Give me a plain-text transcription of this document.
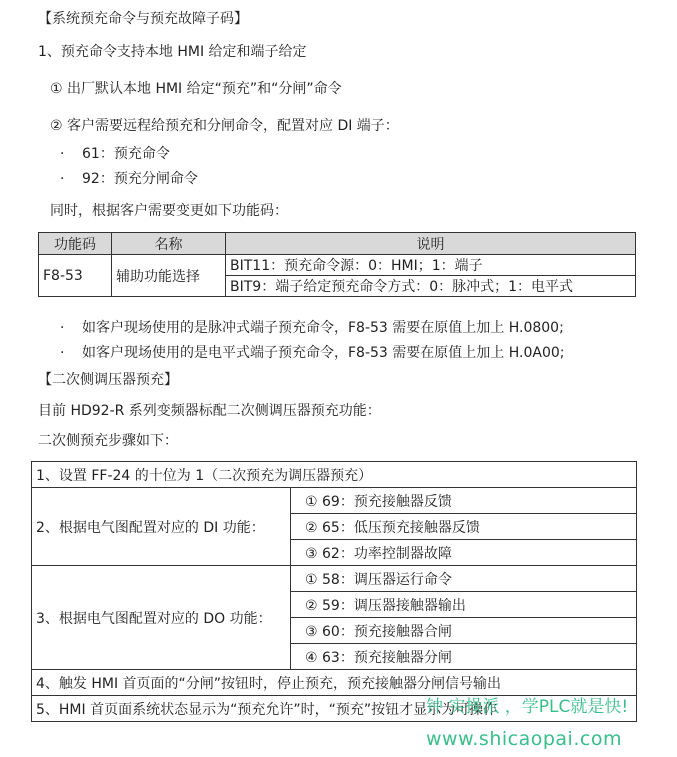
【系统预充命令与预充故障子码】
1、预充命令支持本地 HMI 给定和端子给定
① 出厂默认本地 HMI 给定“预充”和“分闸”命令
② 客户需要远程给预充和分闸命令，配置对应 DI 端子：
· 61：预充命令
· 92：预充分闸命令
同时，根据客户需要变更如下功能码：
功能码	名称	说明
F8-53	辅助功能选择	BIT11：预充命令源：0：HMI；1：端子
		BIT9：端子给定预充命令方式：0：脉冲式；1：电平式
· 如客户现场使用的是脉冲式端子预充命令，F8-53 需要在原值上加上 H.0800;
· 如客户现场使用的是电平式端子预充命令，F8-53 需要在原值上加上 H.0A00;
【二次侧调压器预充】
目前 HD92-R 系列变频器标配二次侧调压器预充功能：
二次侧预充步骤如下：
1、设置 FF-24 的十位为 1（二次预充为调压器预充）	
2、根据电气图配置对应的 DI 功能：	① 69：预充接触器反馈
	② 65：低压预充接触器反馈
	③ 62：功率控制器故障
3、根据电气图配置对应的 DO 功能：	① 58：调压器运行命令
	② 59：调压器接触器输出
	③ 60：预充接触器合闸
	④ 63：预充接触器分闸
4、触发 HMI 首页面的“分闸”按钮时，停止预充，预充接触器分闸信号输出	
5、HMI 首页面系统状态显示为“预充允许”时，“预充”按钮才显示为可操作	
钟 实操派 ，学PLC就是快!
www.shicaopai.com
